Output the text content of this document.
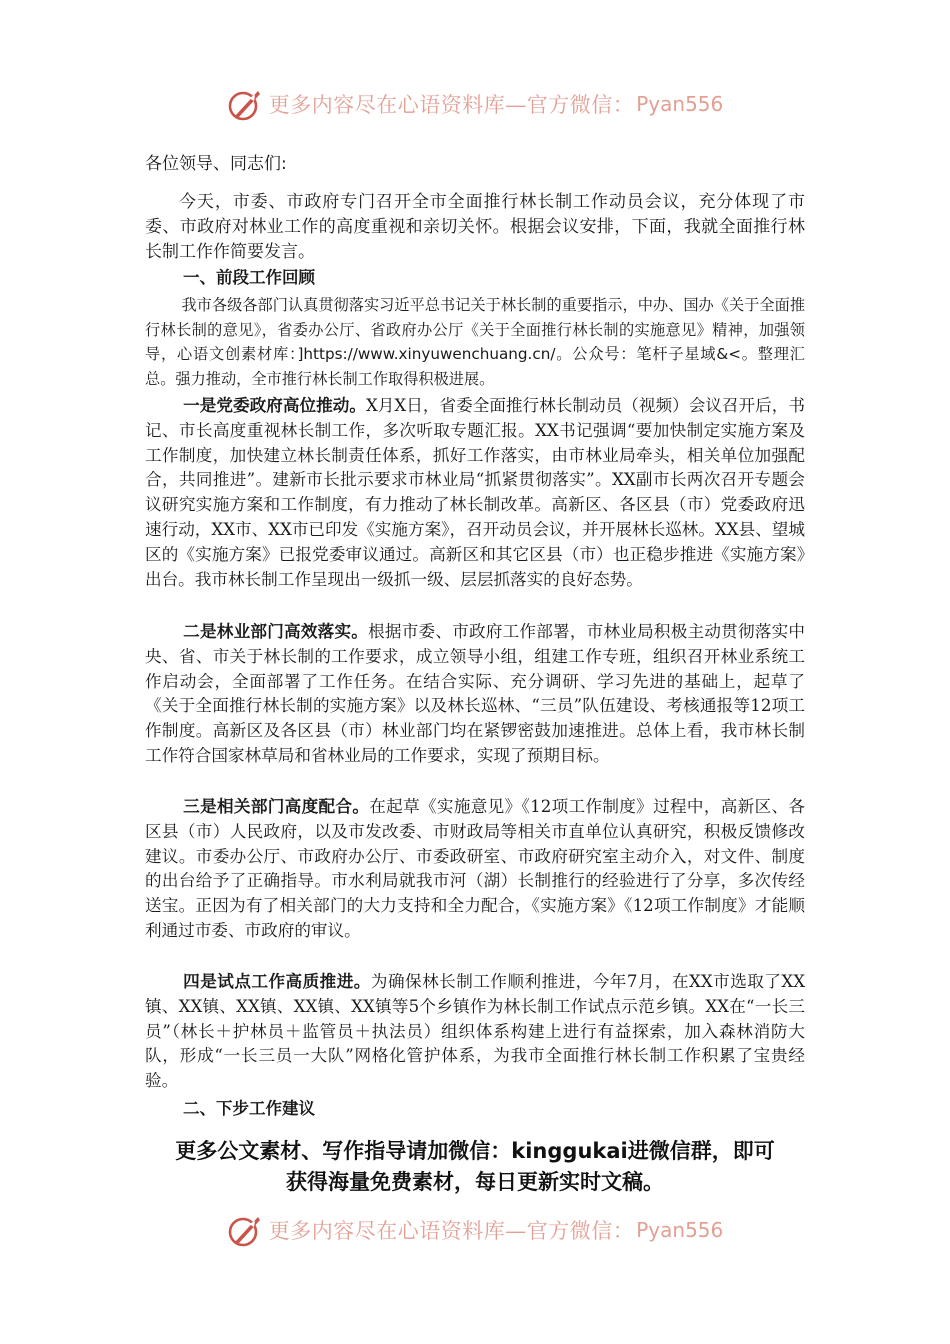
更多内容尽在心语资料库—官方微信： Pyan556
各位领导、同志们:
今天，市委、市政府专门召开全市全面推行林长制工作动员会议，充分体现了市委、市政府对林业工作的高度重视和亲切关怀。根据会议安排，下面，我就全面推行林长制工作作简要发言。
一、前段工作回顾
我市各级各部门认真贯彻落实习近平总书记关于林长制的重要指示，中办、国办《关于全面推行林长制的意见》，省委办公厅、省政府办公厅《关于全面推行林长制的实施意见》精神，加强领导，心语文创素材库：]https://www.xinyuwenchuang.cn/。公众号：笔杆子星域&<。整理汇总。强力推动，全市推行林长制工作取得积极进展。
一是党委政府高位推动。X月X日，省委全面推行林长制动员（视频）会议召开后，书记、市长高度重视林长制工作，多次听取专题汇报。XX书记强调“要加快制定实施方案及工作制度，加快建立林长制责任体系，抓好工作落实，由市林业局牵头，相关单位加强配合，共同推进”。建新市长批示要求市林业局“抓紧贯彻落实”。XX副市长两次召开专题会议研究实施方案和工作制度，有力推动了林长制改革。高新区、各区县（市）党委政府迅速行动，XX市、XX市已印发《实施方案》，召开动员会议，并开展林长巡林。XX县、望城区的《实施方案》已报党委审议通过。高新区和其它区县（市）也正稳步推进《实施方案》出台。我市林长制工作呈现出一级抓一级、层层抓落实的良好态势。
二是林业部门高效落实。根据市委、市政府工作部署，市林业局积极主动贯彻落实中央、省、市关于林长制的工作要求，成立领导小组，组建工作专班，组织召开林业系统工作启动会，全面部署了工作任务。在结合实际、充分调研、学习先进的基础上，起草了《关于全面推行林长制的实施方案》以及林长巡林、“三员”队伍建设、考核通报等12项工作制度。高新区及各区县（市）林业部门均在紧锣密鼓加速推进。总体上看，我市林长制工作符合国家林草局和省林业局的工作要求，实现了预期目标。
三是相关部门高度配合。在起草《实施意见》《12项工作制度》过程中，高新区、各区县（市）人民政府，以及市发改委、市财政局等相关市直单位认真研究，积极反馈修改建议。市委办公厅、市政府办公厅、市委政研室、市政府研究室主动介入，对文件、制度的出台给予了正确指导。市水利局就我市河（湖）长制推行的经验进行了分享，多次传经送宝。正因为有了相关部门的大力支持和全力配合，《实施方案》《12项工作制度》才能顺利通过市委、市政府的审议。
四是试点工作高质推进。为确保林长制工作顺利推进，今年7月，在XX市选取了XX镇、XX镇、XX镇、XX镇、XX镇等5个乡镇作为林长制工作试点示范乡镇。XX在“一长三员”（林长＋护林员＋监管员＋执法员）组织体系构建上进行有益探索，加入森林消防大队，形成“一长三员一大队”网格化管护体系，为我市全面推行林长制工作积累了宝贵经验。
二、下步工作建议
更多公文素材、写作指导请加微信：kinggukai进微信群，即可
获得海量免费素材，每日更新实时文稿。
更多内容尽在心语资料库—官方微信： Pyan556
